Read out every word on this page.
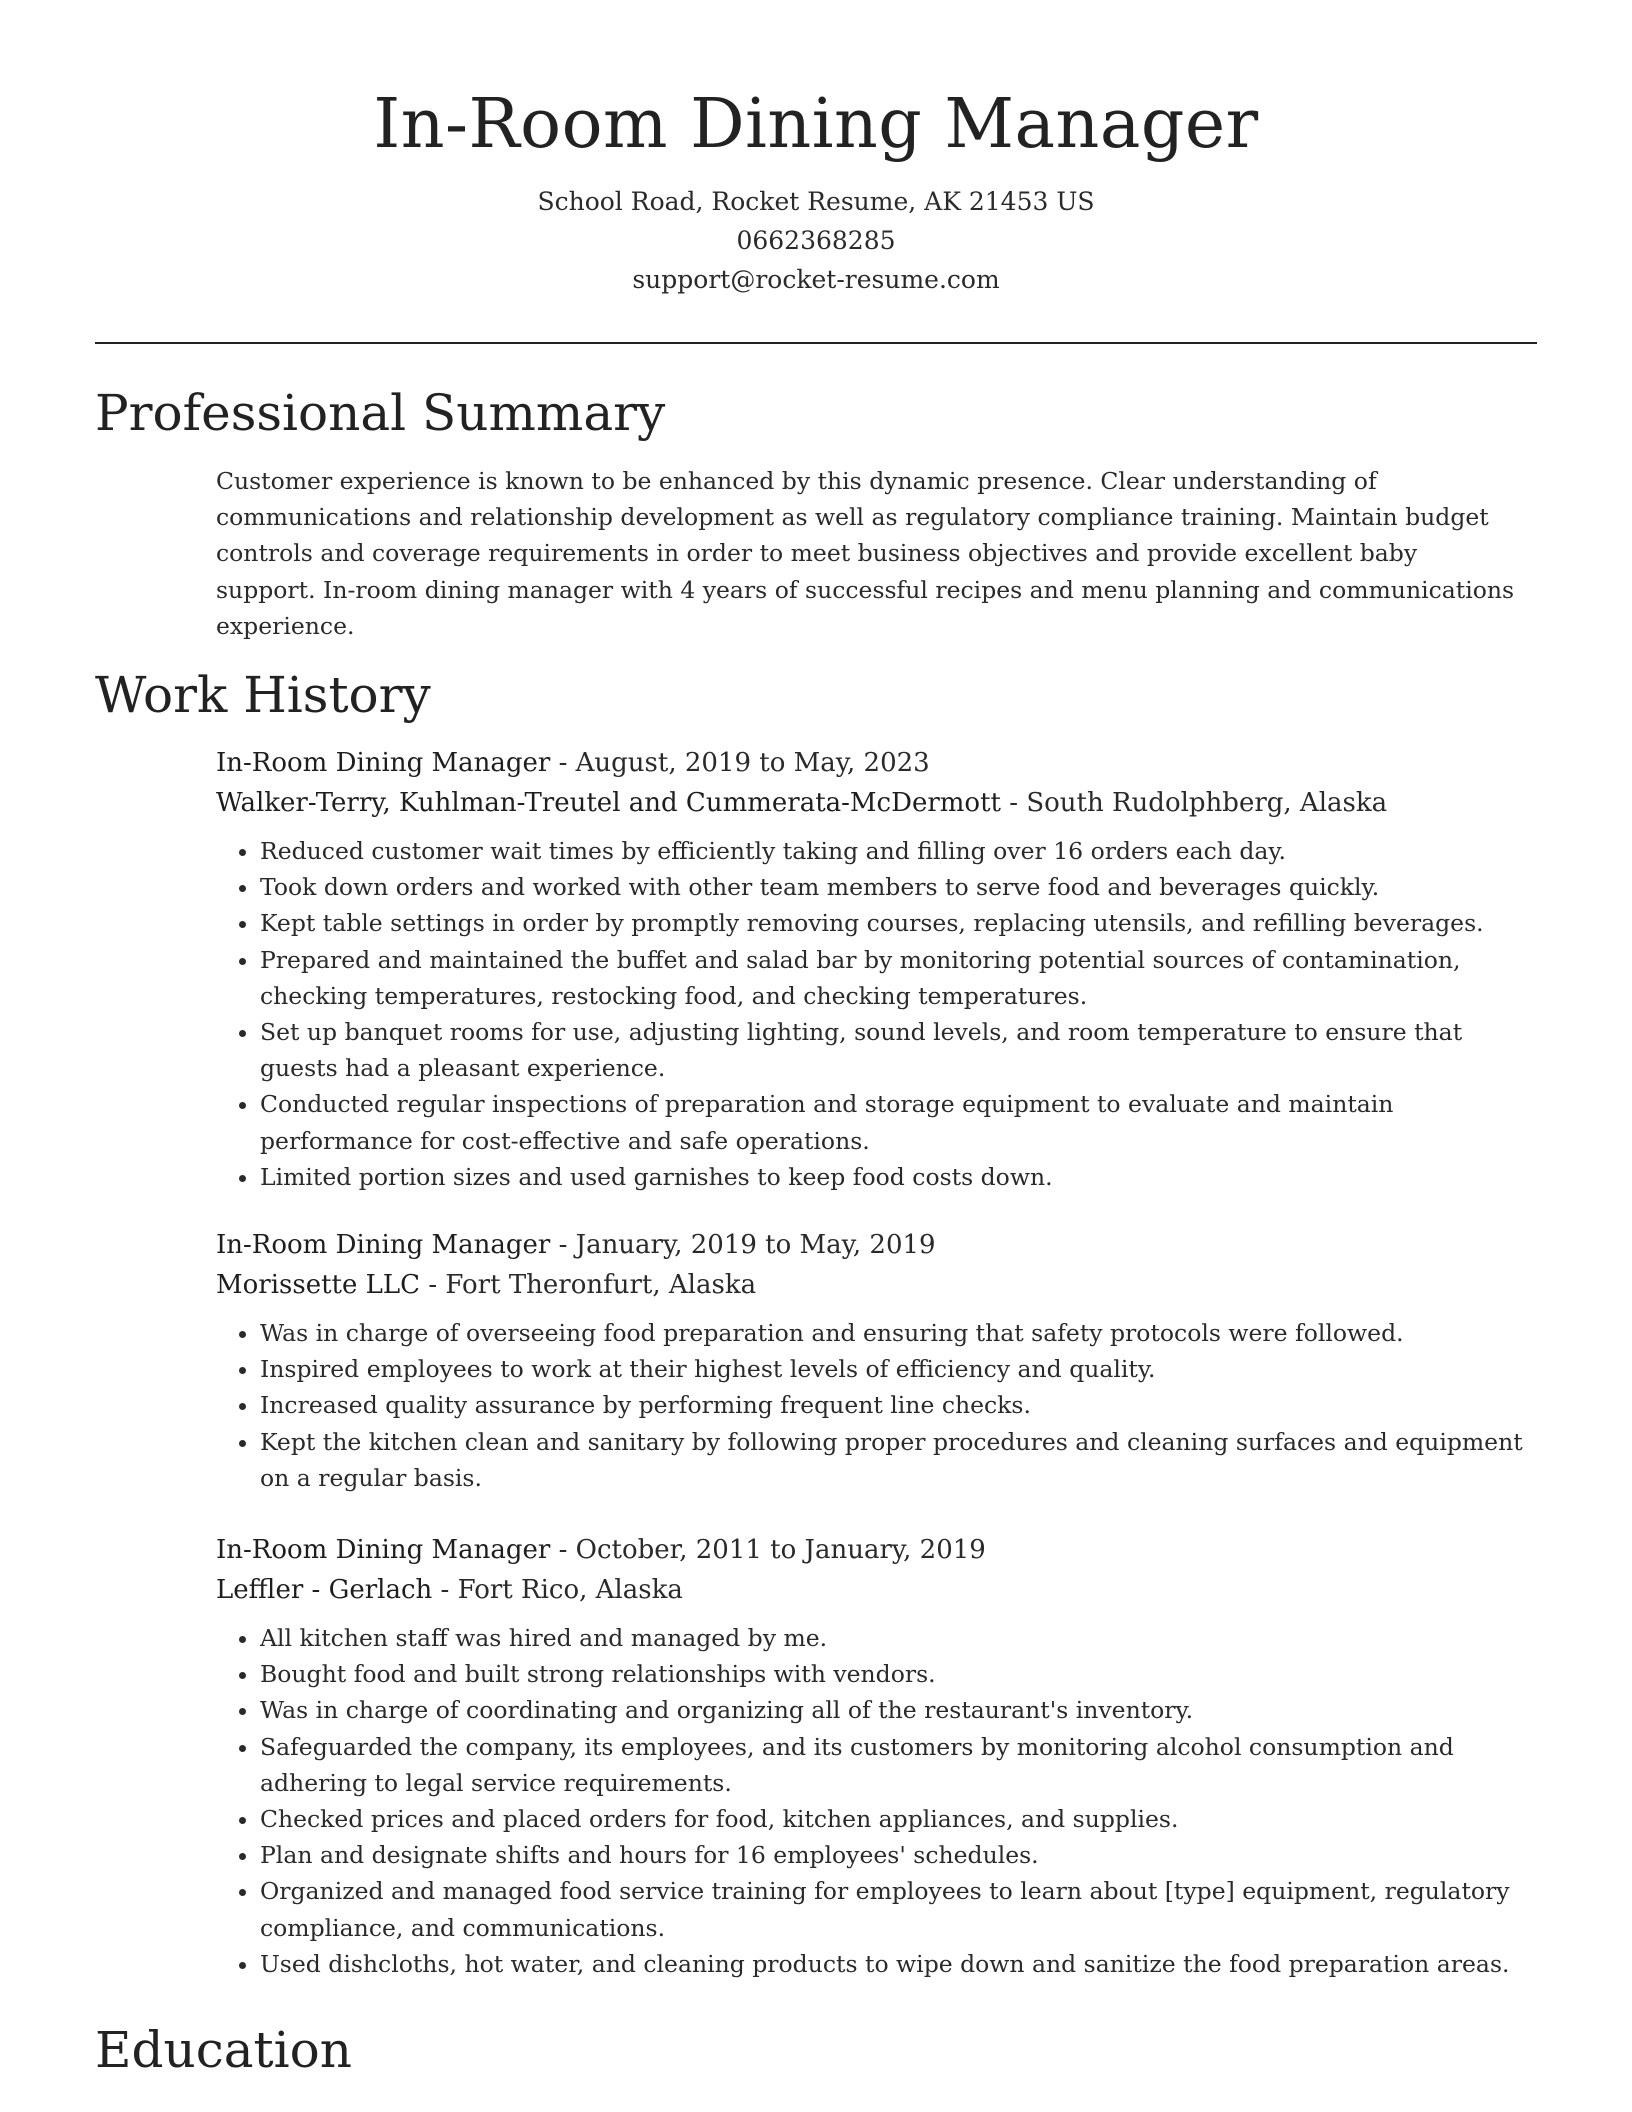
In-Room Dining Manager
School Road, Rocket Resume, AK 21453 US
0662368285
support@rocket-resume.com
Professional Summary

Customer experience is known to be enhanced by this dynamic presence. Clear understanding of communications and relationship development as well as regulatory compliance training. Maintain budget controls and coverage requirements in order to meet business objectives and provide excellent baby support. In-room dining manager with 4 years of successful recipes and menu planning and communications experience.

Work History
In-Room Dining Manager - August, 2019 to May, 2023
Walker-Terry, Kuhlman-Treutel and Cummerata-McDermott - South Rudolphberg, Alaska
• Reduced customer wait times by efficiently taking and filling over 16 orders each day.
• Took down orders and worked with other team members to serve food and beverages quickly.
• Kept table settings in order by promptly removing courses, replacing utensils, and refilling beverages.
• Prepared and maintained the buffet and salad bar by monitoring potential sources of contamination, checking temperatures, restocking food, and checking temperatures.
• Set up banquet rooms for use, adjusting lighting, sound levels, and room temperature to ensure that guests had a pleasant experience.
• Conducted regular inspections of preparation and storage equipment to evaluate and maintain performance for cost-effective and safe operations.
• Limited portion sizes and used garnishes to keep food costs down.
In-Room Dining Manager - January, 2019 to May, 2019
Morissette LLC - Fort Theronfurt, Alaska
• Was in charge of overseeing food preparation and ensuring that safety protocols were followed.
• Inspired employees to work at their highest levels of efficiency and quality.
• Increased quality assurance by performing frequent line checks.
• Kept the kitchen clean and sanitary by following proper procedures and cleaning surfaces and equipment on a regular basis.
In-Room Dining Manager - October, 2011 to January, 2019
Leffler - Gerlach - Fort Rico, Alaska
• All kitchen staff was hired and managed by me.
• Bought food and built strong relationships with vendors.
• Was in charge of coordinating and organizing all of the restaurant's inventory.
• Safeguarded the company, its employees, and its customers by monitoring alcohol consumption and adhering to legal service requirements.
• Checked prices and placed orders for food, kitchen appliances, and supplies.
• Plan and designate shifts and hours for 16 employees' schedules.
• Organized and managed food service training for employees to learn about [type] equipment, regulatory compliance, and communications.
• Used dishcloths, hot water, and cleaning products to wipe down and sanitize the food preparation areas.
Education
